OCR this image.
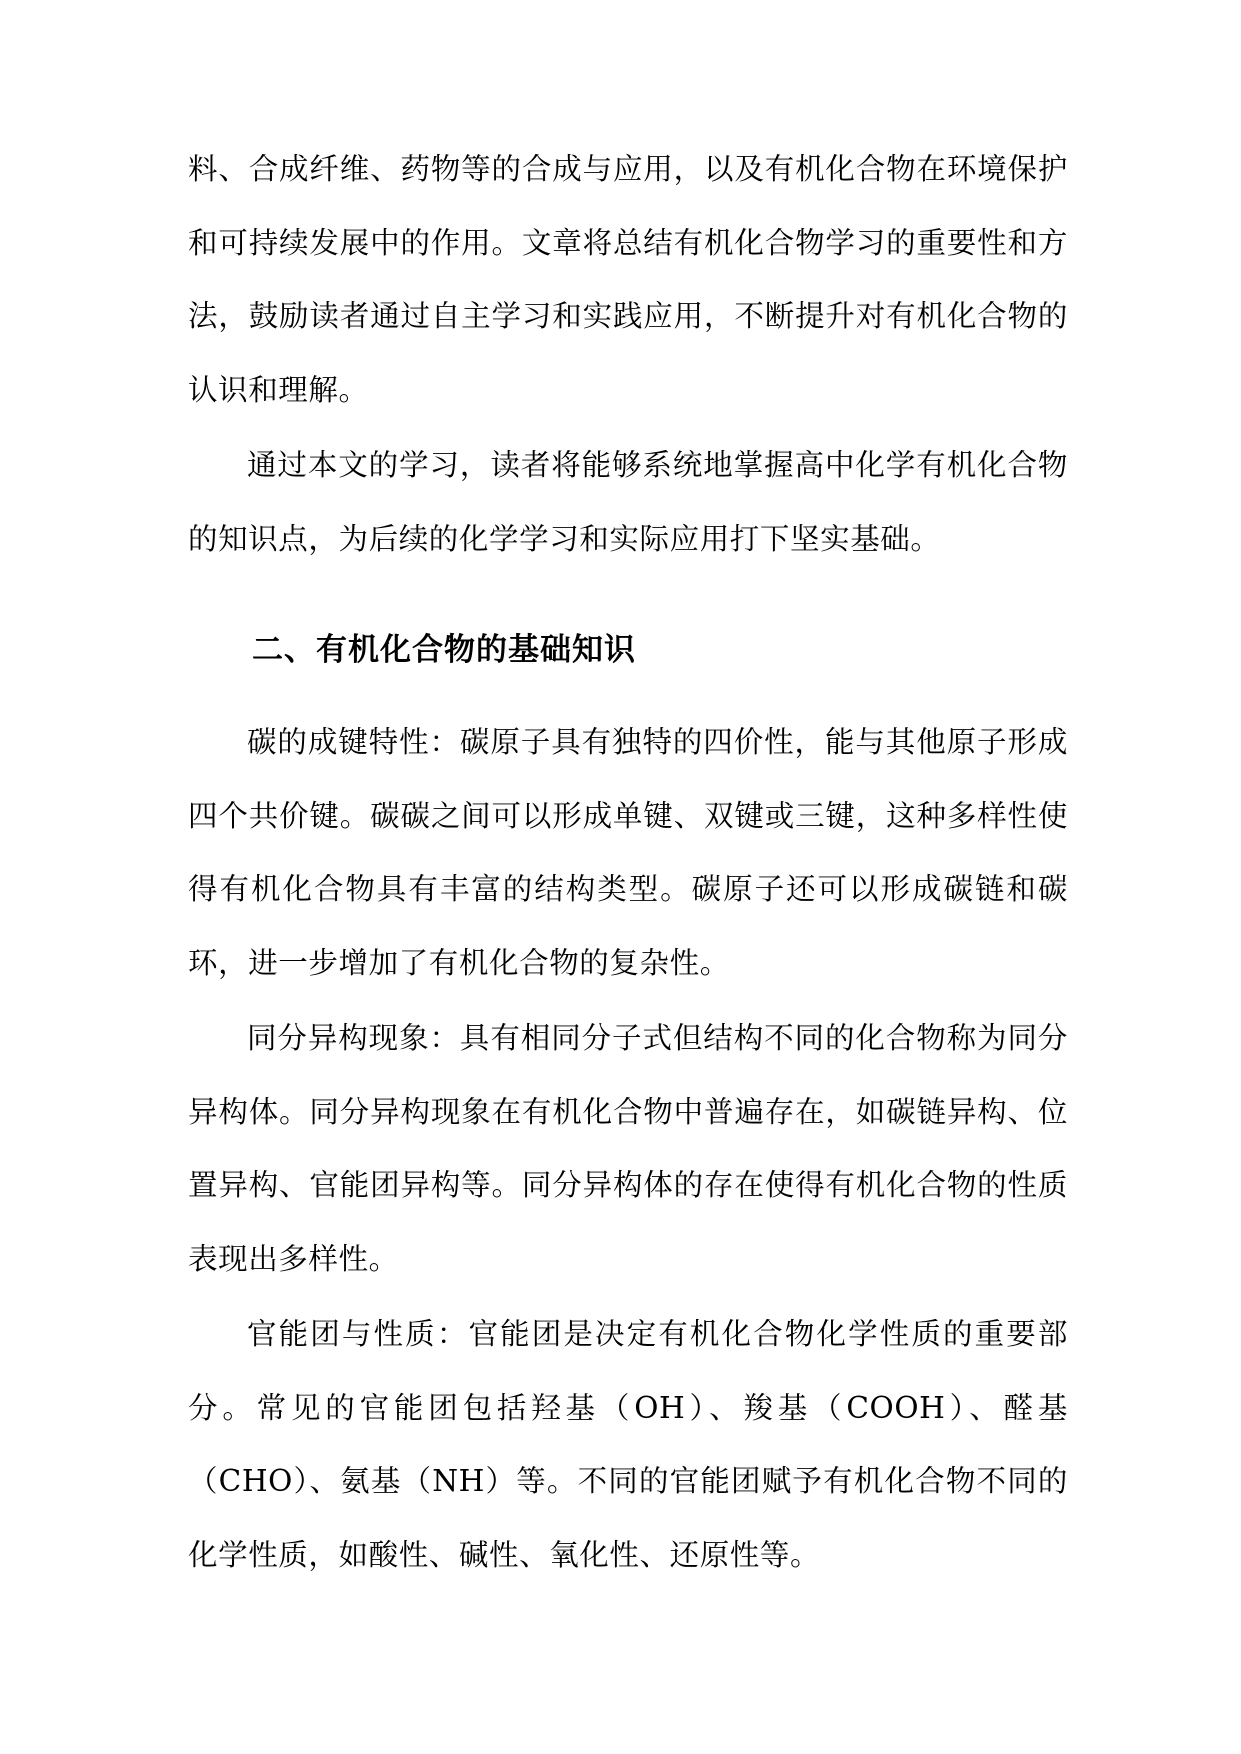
料、合成纤维、药物等的合成与应用，以及有机化合物在环境保护和可持续发展中的作用。文章将总结有机化合物学习的重要性和方法，鼓励读者通过自主学习和实践应用，不断提升对有机化合物的认识和理解。

通过本文的学习，读者将能够系统地掌握高中化学有机化合物的知识点，为后续的化学学习和实际应用打下坚实基础。

二、有机化合物的基础知识

碳的成键特性：碳原子具有独特的四价性，能与其他原子形成四个共价键。碳碳之间可以形成单键、双键或三键，这种多样性使得有机化合物具有丰富的结构类型。碳原子还可以形成碳链和碳环，进一步增加了有机化合物的复杂性。

同分异构现象：具有相同分子式但结构不同的化合物称为同分异构体。同分异构现象在有机化合物中普遍存在，如碳链异构、位置异构、官能团异构等。同分异构体的存在使得有机化合物的性质表现出多样性。

官能团与性质：官能团是决定有机化合物化学性质的重要部分。常见的官能团包括羟基（OH）、羧基（COOH）、醛基（CHO）、氨基（NH）等。不同的官能团赋予有机化合物不同的化学性质，如酸性、碱性、氧化性、还原性等。
